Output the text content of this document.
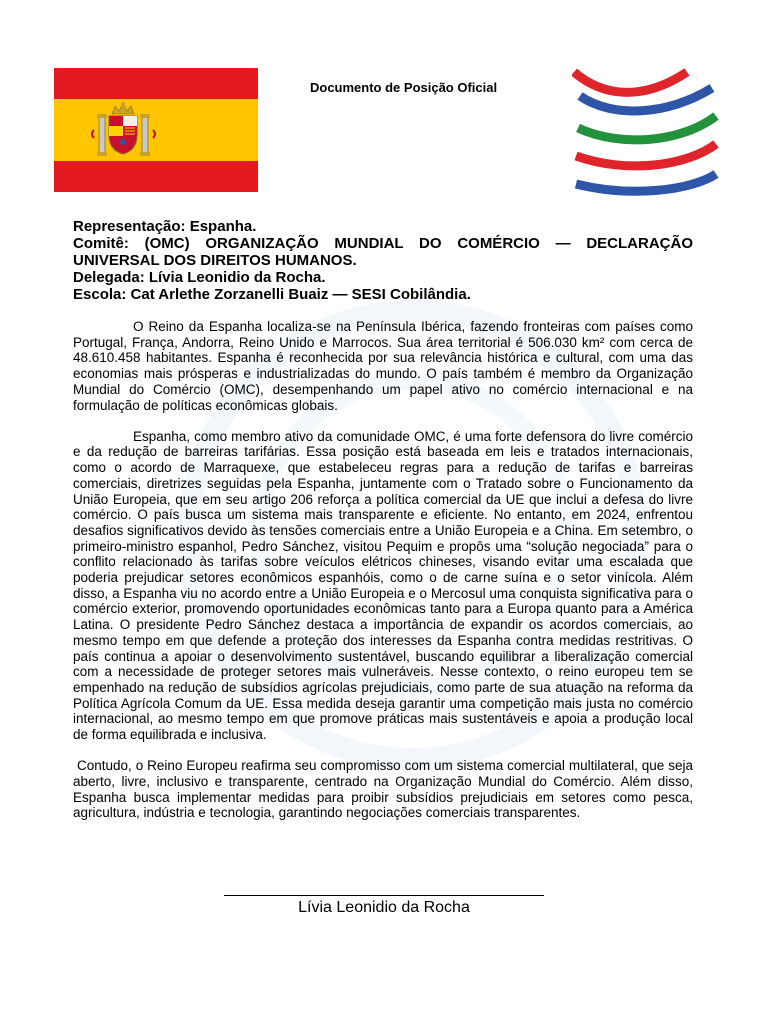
Documento de Posição Oficial
Representação: Espanha.
Comitê: (OMC) ORGANIZAÇÃO MUNDIAL DO COMÉRCIO — DECLARAÇÃO UNIVERSAL DOS DIREITOS HUMANOS.
Delegada: Lívia Leonidio da Rocha.
Escola: Cat Arlethe Zorzanelli Buaiz — SESI Cobilândia.

O Reino da Espanha localiza-se na Península Ibérica, fazendo fronteiras com países como Portugal, França, Andorra, Reino Unido e Marrocos. Sua área territorial é 506.030 km² com cerca de 48.610.458 habitantes. Espanha é reconhecida por sua relevância histórica e cultural, com uma das economias mais prósperas e industrializadas do mundo. O país também é membro da Organização Mundial do Comércio (OMC), desempenhando um papel ativo no comércio internacional e na formulação de políticas econômicas globais.

Espanha, como membro ativo da comunidade OMC, é uma forte defensora do livre comércio e da redução de barreiras tarifárias. Essa posição está baseada em leis e tratados internacionais, como o acordo de Marraquexe, que estabeleceu regras para a redução de tarifas e barreiras comerciais, diretrizes seguidas pela Espanha, juntamente com o Tratado sobre o Funcionamento da União Europeia, que em seu artigo 206 reforça a política comercial da UE que inclui a defesa do livre comércio. O país busca um sistema mais transparente e eficiente. No entanto, em 2024, enfrentou desafios significativos devido às tensões comerciais entre a União Europeia e a China. Em setembro, o primeiro-ministro espanhol, Pedro Sánchez, visitou Pequim e propôs uma “solução negociada” para o conflito relacionado às tarifas sobre veículos elétricos chineses, visando evitar uma escalada que poderia prejudicar setores econômicos espanhóis, como o de carne suína e o setor vinícola. Além disso, a Espanha viu no acordo entre a União Europeia e o Mercosul uma conquista significativa para o comércio exterior, promovendo oportunidades econômicas tanto para a Europa quanto para a América Latina. O presidente Pedro Sánchez destaca a importância de expandir os acordos comerciais, ao mesmo tempo em que defende a proteção dos interesses da Espanha contra medidas restritivas. O país continua a apoiar o desenvolvimento sustentável, buscando equilibrar a liberalização comercial com a necessidade de proteger setores mais vulneráveis. Nesse contexto, o reino europeu tem se empenhado na redução de subsídios agrícolas prejudiciais, como parte de sua atuação na reforma da Política Agrícola Comum da UE. Essa medida deseja garantir uma competição mais justa no comércio internacional, ao mesmo tempo em que promove práticas mais sustentáveis e apoia a produção local de forma equilibrada e inclusiva.

Contudo, o Reino Europeu reafirma seu compromisso com um sistema comercial multilateral, que seja aberto, livre, inclusivo e transparente, centrado na Organização Mundial do Comércio. Além disso, Espanha busca implementar medidas para proibir subsídios prejudiciais em setores como pesca, agricultura, indústria e tecnologia, garantindo negociações comerciais transparentes.

Lívia Leonidio da Rocha
